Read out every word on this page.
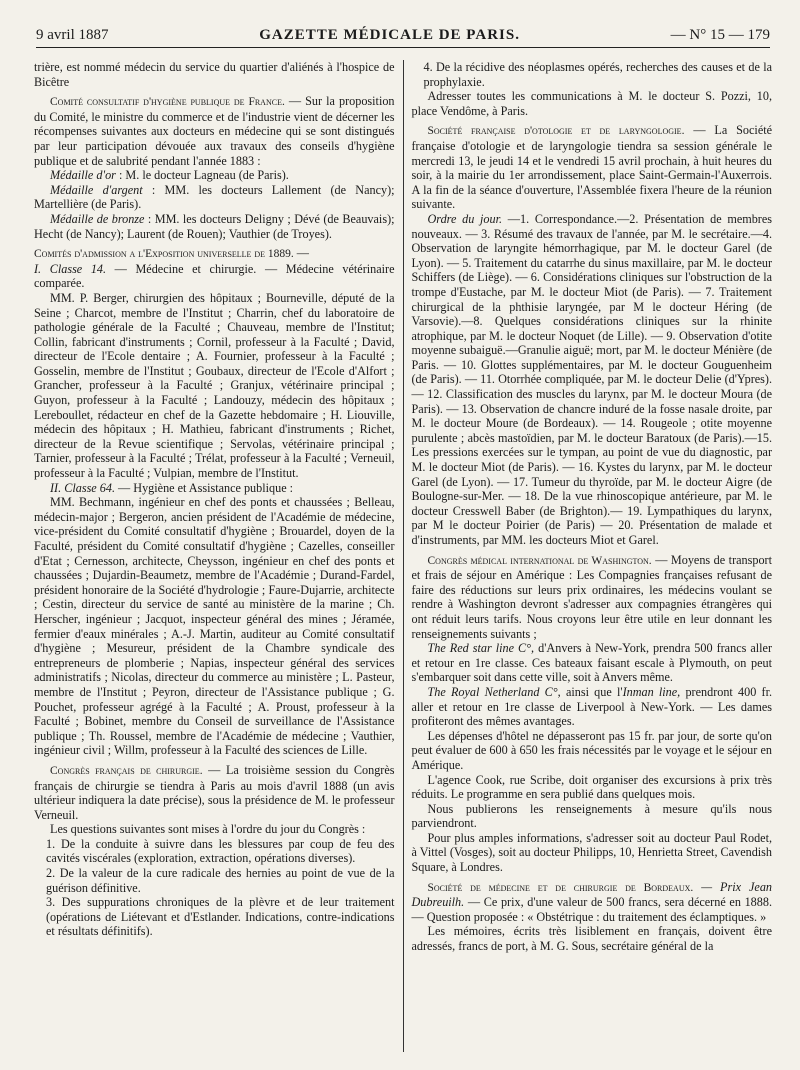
9 avril 1887	GAZETTE MÉDICALE DE PARIS.	— N° 15 — 179

trière, est nommé médecin du service du quartier d'aliénés à l'hospice de Bicêtre

Comité consultatif d'hygiène publique de France. — Sur la proposition du Comité, le ministre du commerce et de l'industrie vient de décerner les récompenses suivantes aux docteurs en médecine qui se sont distingués par leur participation dévouée aux travaux des conseils d'hygiène publique et de salubrité pendant l'année 1883 :

Médaille d'or : M. le docteur Lagneau (de Paris).

Médaille d'argent : MM. les docteurs Lallement (de Nancy); Martellière (de Paris).

Médaille de bronze : MM. les docteurs Deligny ; Dévé (de Beauvais); Hecht (de Nancy); Laurent (de Rouen); Vauthier (de Troyes).

Comités d'admission a l'Exposition universelle de 1889. —

I. Classe 14. — Médecine et chirurgie. — Médecine vétérinaire comparée.

MM. P. Berger, chirurgien des hôpitaux ; Bourneville, député de la Seine ; Charcot, membre de l'Institut ; Charrin, chef du laboratoire de pathologie générale de la Faculté ; Chauveau, membre de l'Institut; Collin, fabricant d'instruments ; Cornil, professeur à la Faculté ; David, directeur de l'Ecole dentaire ; A. Fournier, professeur à la Faculté ; Gosselin, membre de l'Institut ; Goubaux, directeur de l'Ecole d'Alfort ; Grancher, professeur à la Faculté ; Granjux, vétérinaire principal ; Guyon, professeur à la Faculté ; Landouzy, médecin des hôpitaux ; Lereboullet, rédacteur en chef de la Gazette hebdomaire ; H. Liouville, médecin des hôpitaux ; H. Mathieu, fabricant d'instruments ; Richet, directeur de la Revue scientifique ; Servolas, vétérinaire principal ; Tarnier, professeur à la Faculté ; Trélat, professeur à la Faculté ; Verneuil, professeur à la Faculté ; Vulpian, membre de l'Institut.

II. Classe 64. — Hygiène et Assistance publique :

MM. Bechmann, ingénieur en chef des ponts et chaussées ; Belleau, médecin-major ; Bergeron, ancien président de l'Académie de médecine, vice-président du Comité consultatif d'hygiène ; Brouardel, doyen de la Faculté, président du Comité consultatif d'hygiène ; Cazelles, conseiller d'Etat ; Cernesson, architecte, Cheysson, ingénieur en chef des ponts et chaussées ; Dujardin-Beaumetz, membre de l'Académie ; Durand-Fardel, président honoraire de la Société d'hydrologie ; Faure-Dujarrie, architecte ; Cestin, directeur du service de santé au ministère de la marine ; Ch. Herscher, ingénieur ; Jacquot, inspecteur général des mines ; Jéramée, fermier d'eaux minérales ; A.-J. Martin, auditeur au Comité consultatif d'hygiène ; Mesureur, président de la Chambre syndicale des entrepreneurs de plomberie ; Napias, inspecteur général des services administratifs ; Nicolas, directeur du commerce au ministère ; L. Pasteur, membre de l'Institut ; Peyron, directeur de l'Assistance publique ; G. Pouchet, professeur agrégé à la Faculté ; A. Proust, professeur à la Faculté ; Bobinet, membre du Conseil de surveillance de l'Assistance publique ; Th. Roussel, membre de l'Académie de médecine ; Vauthier, ingénieur civil ; Willm, professeur à la Faculté des sciences de Lille.

Congrès français de chirurgie. — La troisième session du Congrès français de chirurgie se tiendra à Paris au mois d'avril 1888 (un avis ultérieur indiquera la date précise), sous la présidence de M. le professeur Verneuil.

Les questions suivantes sont mises à l'ordre du jour du Congrès :

1. De la conduite à suivre dans les blessures par coup de feu des cavités viscérales (exploration, extraction, opérations diverses).

2. De la valeur de la cure radicale des hernies au point de vue de la guérison définitive.

3. Des suppurations chroniques de la plèvre et de leur traitement (opérations de Liétevant et d'Estlander. Indications, contre-indications et résultats définitifs).

4. De la récidive des néoplasmes opérés, recherches des causes et de la prophylaxie.

Adresser toutes les communications à M. le docteur S. Pozzi, 10, place Vendôme, à Paris.

Société française d'otologie et de laryngologie. — La Société française d'otologie et de laryngologie tiendra sa session générale le mercredi 13, le jeudi 14 et le vendredi 15 avril prochain, à huit heures du soir, à la mairie du 1er arrondissement, place Saint-Germain-l'Auxerrois. A la fin de la séance d'ouverture, l'Assemblée fixera l'heure de la réunion suivante.

Ordre du jour. —1. Correspondance.—2. Présentation de membres nouveaux. — 3. Résumé des travaux de l'année, par M. le secrétaire.—4. Observation de laryngite hémorrhagique, par M. le docteur Garel (de Lyon). — 5. Traitement du catarrhe du sinus maxillaire, par M. le docteur Schiffers (de Liège). — 6. Considérations cliniques sur l'obstruction de la trompe d'Eustache, par M. le docteur Miot (de Paris). — 7. Traitement chirurgical de la phthisie laryngée, par M le docteur Héring (de Varsovie).—8. Quelques considérations cliniques sur la rhinite atrophique, par M. le docteur Noquet (de Lille). — 9. Observation d'otite moyenne subaiguë.—Granulie aiguë; mort, par M. le docteur Ménière (de Paris. — 10. Glottes supplémentaires, par M. le docteur Gouguenheim (de Paris). — 11. Otorrhée compliquée, par M. le docteur Delie (d'Ypres). — 12. Classification des muscles du larynx, par M. le docteur Moura (de Paris). — 13. Observation de chancre induré de la fosse nasale droite, par M. le docteur Moure (de Bordeaux). — 14. Rougeole ; otite moyenne purulente ; abcès mastoïdien, par M. le docteur Baratoux (de Paris).—15. Les pressions exercées sur le tympan, au point de vue du diagnostic, par M. le docteur Miot (de Paris). — 16. Kystes du larynx, par M. le docteur Garel (de Lyon). — 17. Tumeur du thyroïde, par M. le docteur Aigre (de Boulogne-sur-Mer. — 18. De la vue rhinoscopique antérieure, par M. le docteur Cresswell Baber (de Brighton).— 19. Lympathiques du larynx, par M le docteur Poirier (de Paris) — 20. Présentation de malade et d'instruments, par MM. les docteurs Miot et Garel.

Congrès médical international de Washington. — Moyens de transport et frais de séjour en Amérique : Les Compagnies françaises refusant de faire des réductions sur leurs prix ordinaires, les médecins voulant se rendre à Washington devront s'adresser aux compagnies étrangères qui ont réduit leurs tarifs. Nous croyons leur être utile en leur donnant les renseignements suivants ;

The Red star line C°, d'Anvers à New-York, prendra 500 francs aller et retour en 1re classe. Ces bateaux faisant escale à Plymouth, on peut s'embarquer soit dans cette ville, soit à Anvers même.

The Royal Netherland C°, ainsi que l'Inman line, prendront 400 fr. aller et retour en 1re classe de Liverpool à New-York. — Les dames profiteront des mêmes avantages.

Les dépenses d'hôtel ne dépasseront pas 15 fr. par jour, de sorte qu'on peut évaluer de 600 à 650 les frais nécessités par le voyage et le séjour en Amérique.

L'agence Cook, rue Scribe, doit organiser des excursions à prix très réduits. Le programme en sera publié dans quelques mois.

Nous publierons les renseignements à mesure qu'ils nous parviendront.

Pour plus amples informations, s'adresser soit au docteur Paul Rodet, à Vittel (Vosges), soit au docteur Philipps, 10, Henrietta Street, Cavendish Square, à Londres.

Société de médecine et de chirurgie de Bordeaux. — Prix Jean Dubreuilh. — Ce prix, d'une valeur de 500 francs, sera décerné en 1888. — Question proposée : « Obstétrique : du traitement des éclamptiques. »

Les mémoires, écrits très lisiblement en français, doivent être adressés, francs de port, à M. G. Sous, secrétaire général de la
